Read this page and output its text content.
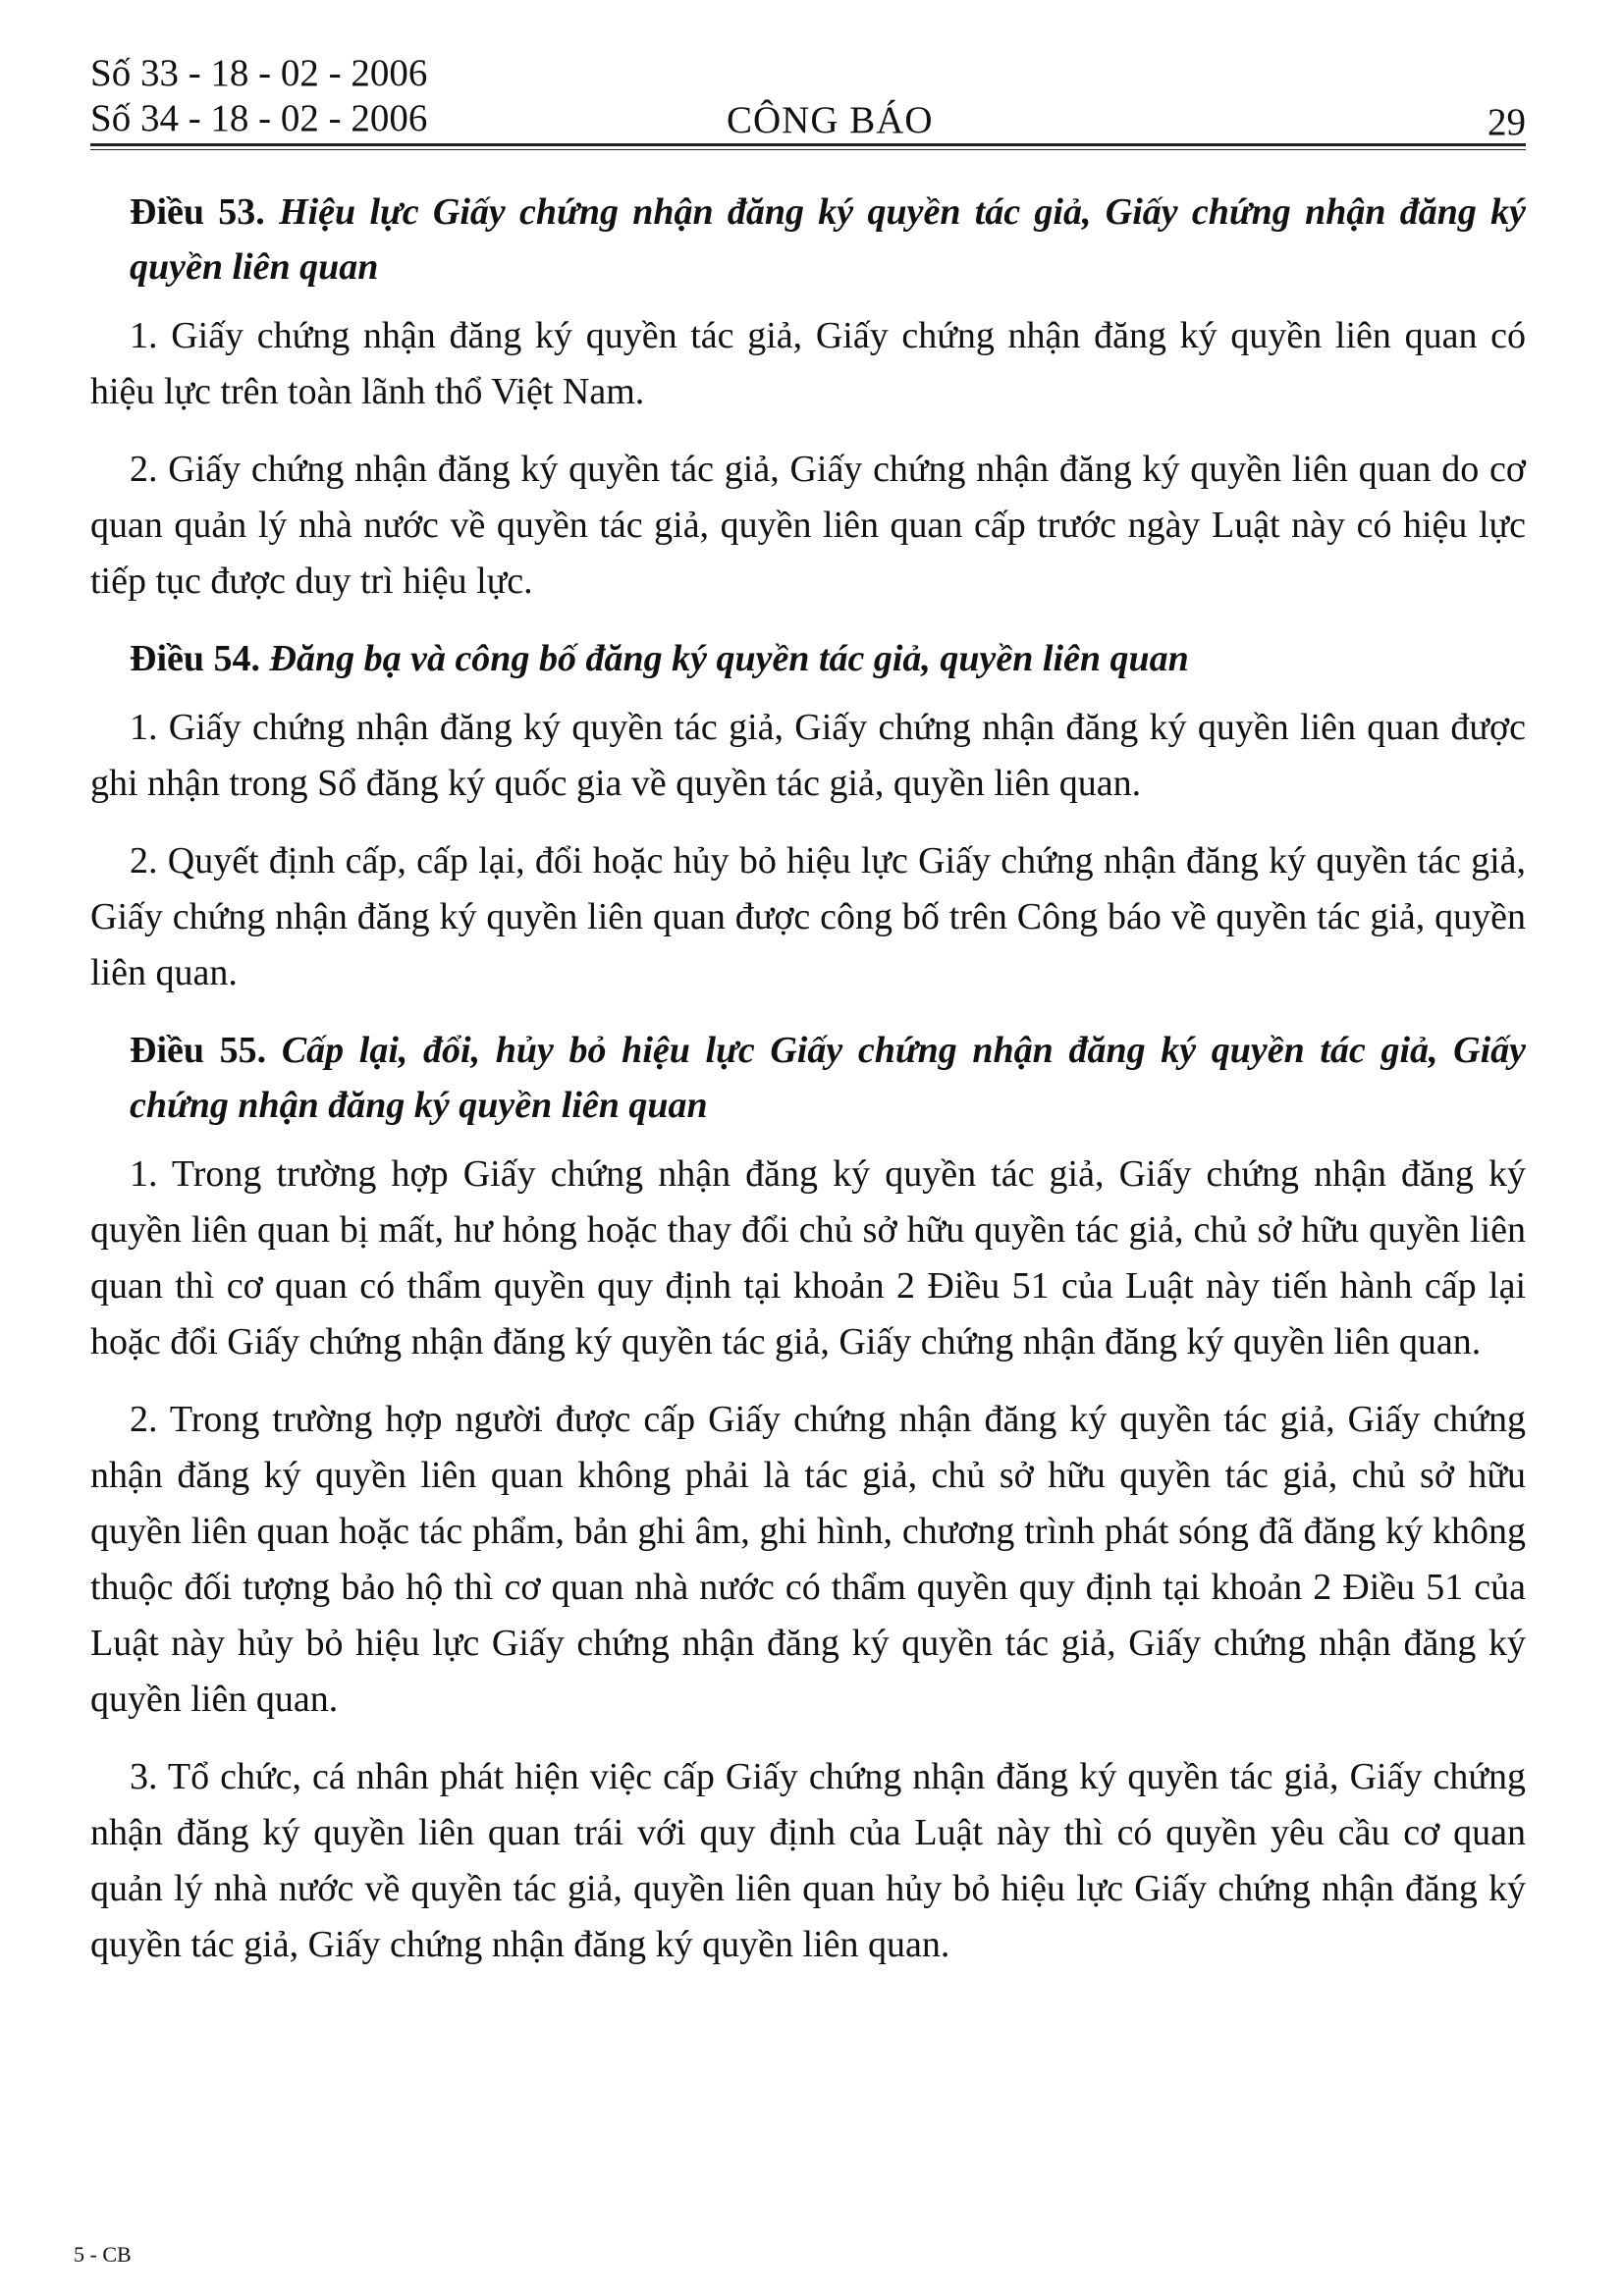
Số 33 - 18 - 02 - 2006
Số 34 - 18 - 02 - 2006	CÔNG BÁO	29

Điều 53. Hiệu lực Giấy chứng nhận đăng ký quyền tác giả, Giấy chứng nhận đăng ký quyền liên quan

1. Giấy chứng nhận đăng ký quyền tác giả, Giấy chứng nhận đăng ký quyền liên quan có hiệu lực trên toàn lãnh thổ Việt Nam.

2. Giấy chứng nhận đăng ký quyền tác giả, Giấy chứng nhận đăng ký quyền liên quan do cơ quan quản lý nhà nước về quyền tác giả, quyền liên quan cấp trước ngày Luật này có hiệu lực tiếp tục được duy trì hiệu lực.

Điều 54. Đăng bạ và công bố đăng ký quyền tác giả, quyền liên quan

1. Giấy chứng nhận đăng ký quyền tác giả, Giấy chứng nhận đăng ký quyền liên quan được ghi nhận trong Sổ đăng ký quốc gia về quyền tác giả, quyền liên quan.

2. Quyết định cấp, cấp lại, đổi hoặc hủy bỏ hiệu lực Giấy chứng nhận đăng ký quyền tác giả, Giấy chứng nhận đăng ký quyền liên quan được công bố trên Công báo về quyền tác giả, quyền liên quan.

Điều 55. Cấp lại, đổi, hủy bỏ hiệu lực Giấy chứng nhận đăng ký quyền tác giả, Giấy chứng nhận đăng ký quyền liên quan

1. Trong trường hợp Giấy chứng nhận đăng ký quyền tác giả, Giấy chứng nhận đăng ký quyền liên quan bị mất, hư hỏng hoặc thay đổi chủ sở hữu quyền tác giả, chủ sở hữu quyền liên quan thì cơ quan có thẩm quyền quy định tại khoản 2 Điều 51 của Luật này tiến hành cấp lại hoặc đổi Giấy chứng nhận đăng ký quyền tác giả, Giấy chứng nhận đăng ký quyền liên quan.

2. Trong trường hợp người được cấp Giấy chứng nhận đăng ký quyền tác giả, Giấy chứng nhận đăng ký quyền liên quan không phải là tác giả, chủ sở hữu quyền tác giả, chủ sở hữu quyền liên quan hoặc tác phẩm, bản ghi âm, ghi hình, chương trình phát sóng đã đăng ký không thuộc đối tượng bảo hộ thì cơ quan nhà nước có thẩm quyền quy định tại khoản 2 Điều 51 của Luật này hủy bỏ hiệu lực Giấy chứng nhận đăng ký quyền tác giả, Giấy chứng nhận đăng ký quyền liên quan.

3. Tổ chức, cá nhân phát hiện việc cấp Giấy chứng nhận đăng ký quyền tác giả, Giấy chứng nhận đăng ký quyền liên quan trái với quy định của Luật này thì có quyền yêu cầu cơ quan quản lý nhà nước về quyền tác giả, quyền liên quan hủy bỏ hiệu lực Giấy chứng nhận đăng ký quyền tác giả, Giấy chứng nhận đăng ký quyền liên quan.

5 - CB
